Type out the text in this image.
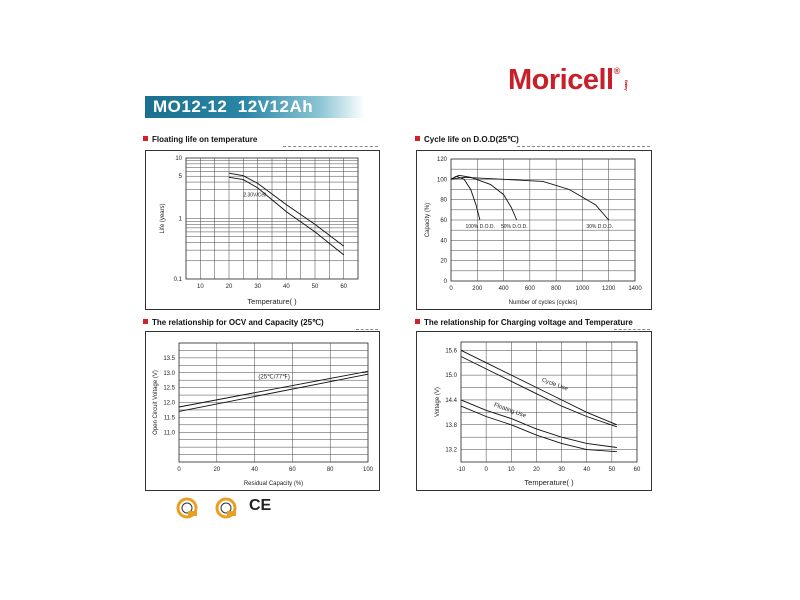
Moricell®
Battery
MO12-12  12V12Ah
Floating life on temperature	Cycle life on D.O.D(25℃)
The relationship for OCV and Capacity (25℃)	The relationship for Charging voltage and Temperature
10	20	30	40	50	60
0.1
1
5
10
Temperature( )
Life (years)
2.30V/Cell
0	200	400	600	800 1000 1200 1400
0
20
40
60
80
100
120
Number of cycles (cycles)
Capacity (%)	100% D.O.D. 50% D.O.D.	30% D.O.D.
0	20	40	60	80	100
11.0
11.5
12.0
12.5
13.0
13.5
Residual Capacity (%)
Open Circuit Voltage (V)	(25℃/77℉)
-10	0	10	20	30	40	50	60
13.2
13.8
14.4
15.0
15.6
Temperature( )
Voltage (V)
Cycle Use
Floating Use
CE
